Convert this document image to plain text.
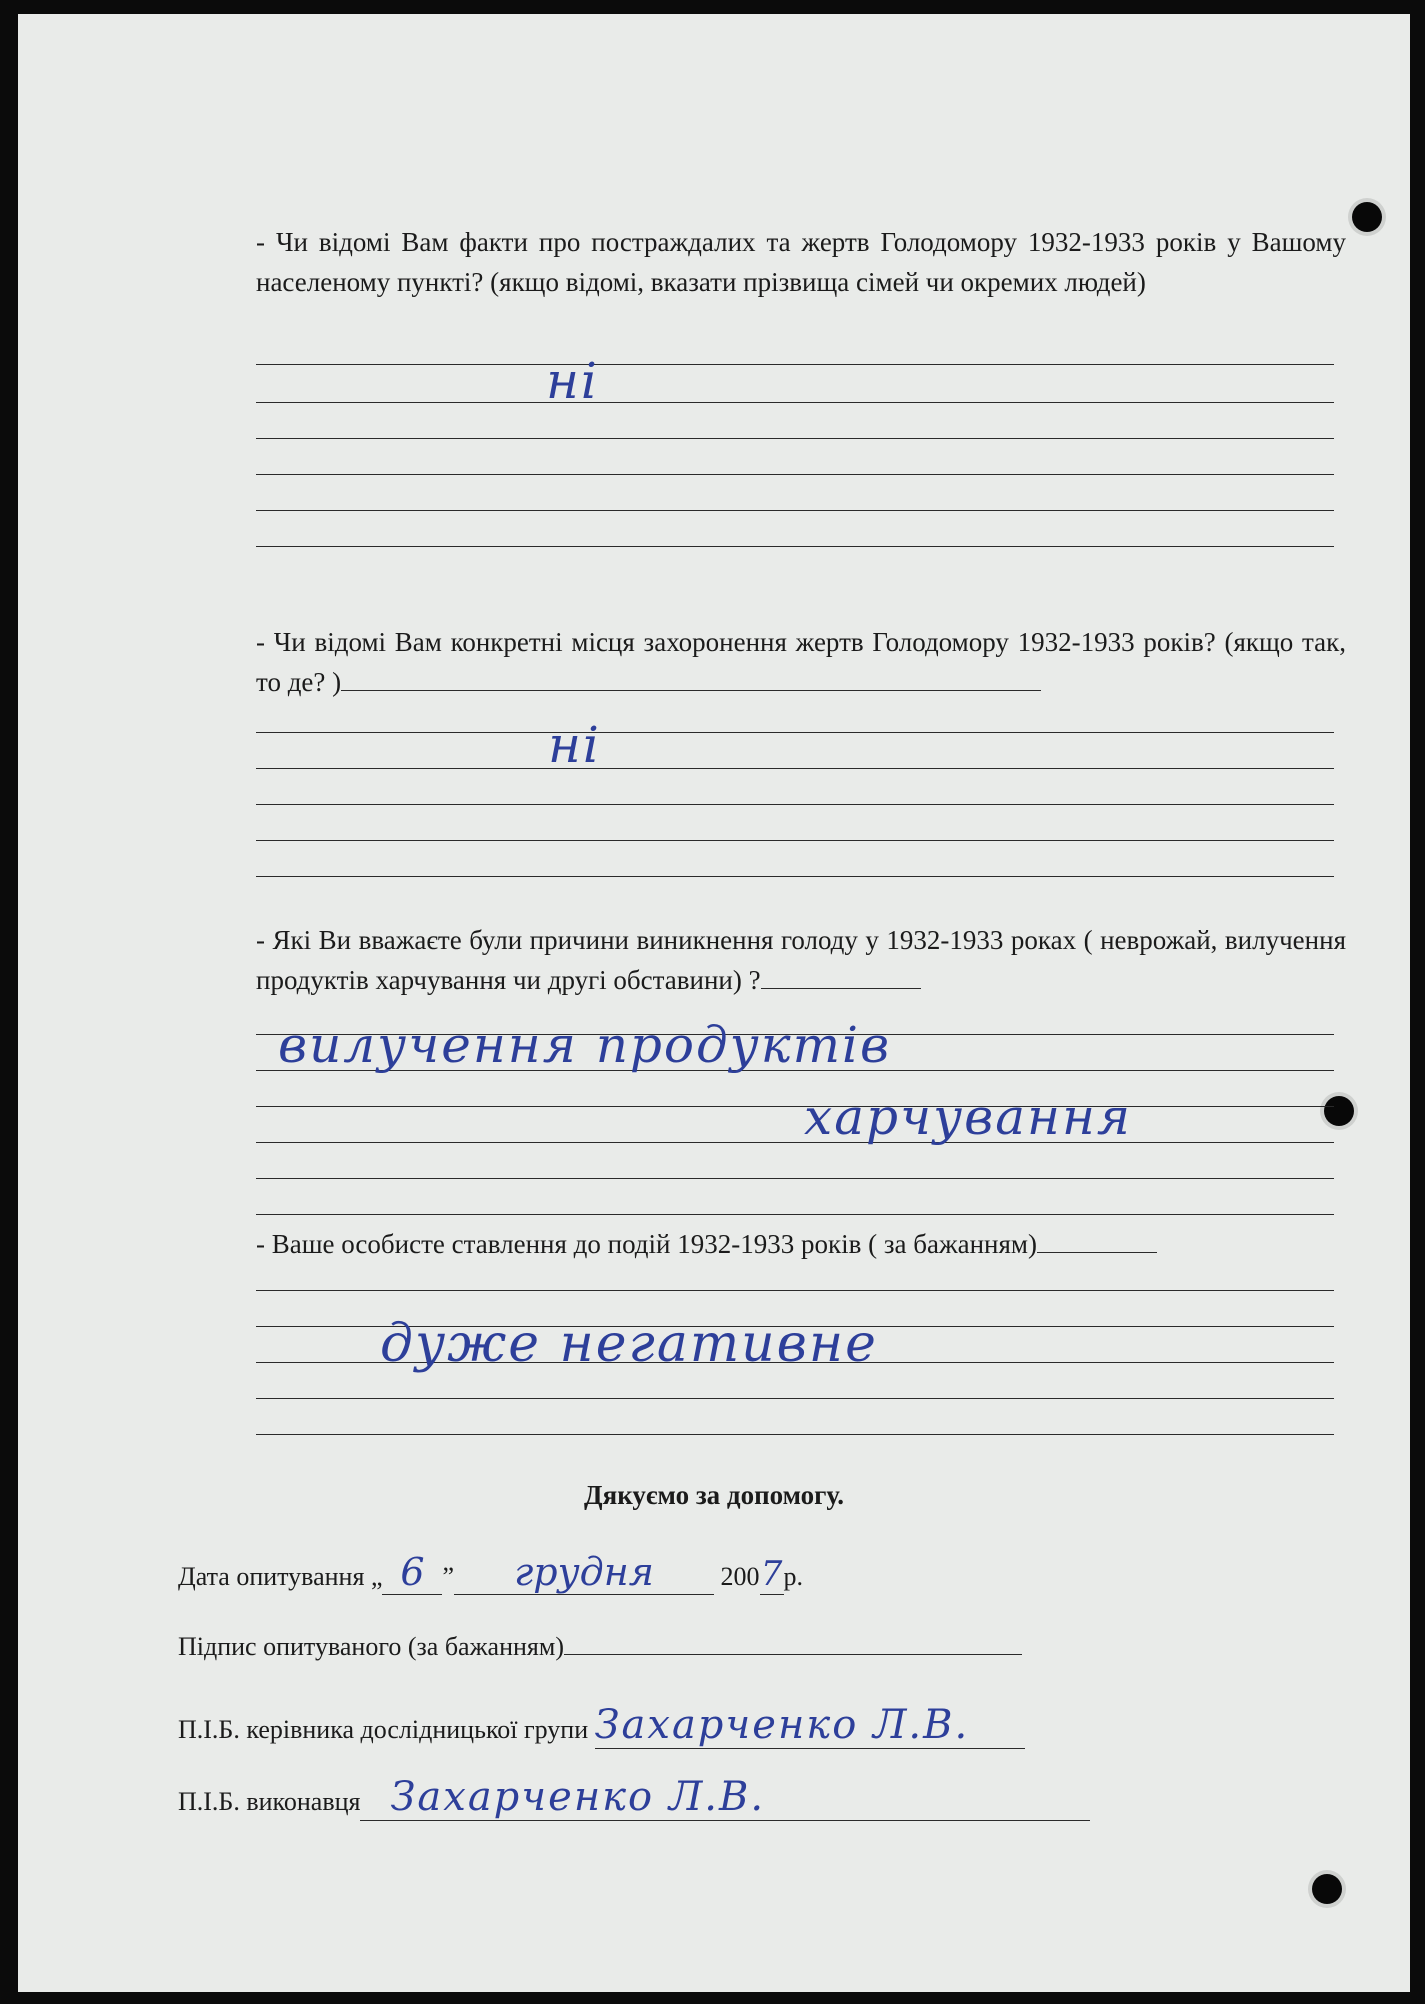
- Чи відомі Вам факти про постраждалих та жертв Голодомору 1932-1933 років у Вашому населеному пункті? (якщо відомі, вказати прізвища сімей чи окремих людей)
ні
- Чи відомі Вам конкретні місця захоронення жертв Голодомору 1932-1933 років? (якщо так, то де? )
ні
- Які Ви вважаєте були причини виникнення голоду у 1932-1933 роках ( неврожай, вилучення продуктів харчування чи другі обставини) ?
вилучення продуктів
харчування
- Ваше особисте ставлення до подій 1932-1933 років ( за бажанням)
дуже негативне
Дякуємо за допомогу.
Дата опитування „ 6 ” грудня	2007р.
Підпис опитуваного (за бажанням)
П.І.Б. керівника дослідницької групи Захарченко Л.В.
П.І.Б. виконавця Захарченко Л.В.
